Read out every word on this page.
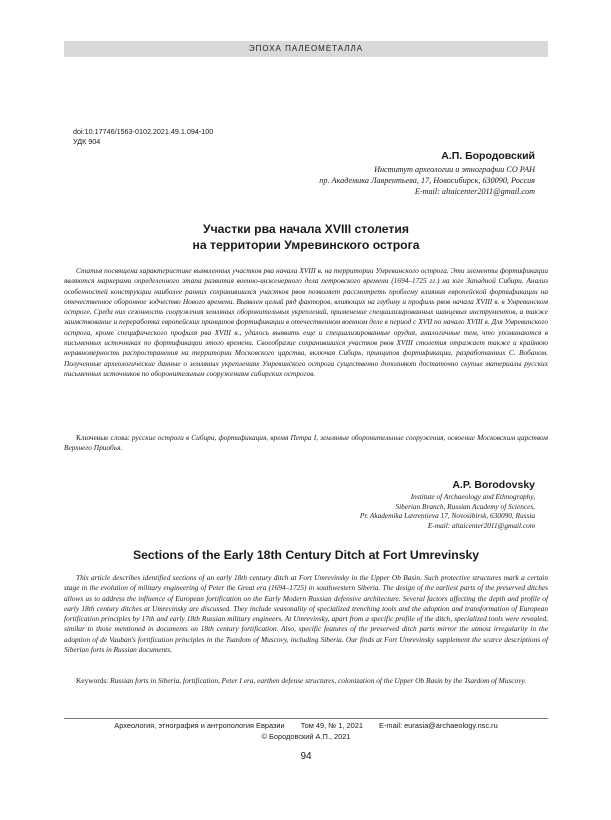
ЭПОХА ПАЛЕОМЕТАЛЛА
doi:10.17746/1563-0102.2021.49.1.094-100
УДК 904
А.П. Бородовский
Институт археологии и этнографии СО РАН
пр. Академика Лаврентьева, 17, Новосибирск, 630090, Россия
E-mail: altaicenter2011@gmail.com
Участки рва начала XVIII столетия
на территории Умревинского острога
Статья посвящена характеристике выявленных участков рва начала XVIII в. на территории Умревинского острога. Эти элементы фортификации являются маркерами определенного этапа развития военно-инженерного дела петровского времени (1694–1725 гг.) на юге Западной Сибири. Анализ особенностей конструкции наиболее ранних сохранившихся участков рвов позволяет рассмотреть проблему влияния европейской фортификации на отечественное оборонное зодчество Нового времени. Выявлен целый ряд факторов, влияющих на глубину и профиль рвов начала XVIII в. в Умревинском остроге. Среди них сезонность сооружения земляных оборонительных укреплений, применение специализированных шанцевых инструментов, а также заимствование и переработка европейских принципов фортификации в отечественном военном деле в период с XVII по начало XVIII в. Для Умревинского острога, кроме специфического профиля рва XVIII в., удалось выявить еще и специализированные орудия, аналогичные тем, что упоминаются в письменных источниках по фортификации этого времени. Своеобразие сохранившихся участков рвов XVIII столетия отражает также и крайнюю неравномерность распространения на территории Московского царства, включая Сибирь, принципов фортификации, разработанных С. Вобаном. Полученные археологические данные о земляных укреплениях Умревинского острога существенно дополняют достаточно скупые материалы русских письменных источников по оборонительным сооружениям сибирских острогов.
Ключевые слова: русские остроги в Сибири, фортификация, время Петра I, земляные оборонительные сооружения, освоение Московским царством Верхнего Приобья.
A.P. Borodovsky
Institute of Archaeology and Ethnography,
Siberian Branch, Russian Academy of Sciences,
Pr. Akademika Lavrentieva 17, Novosibirsk, 630090, Russia
E-mail: altaicenter2011@gmail.com
Sections of the Early 18th Century Ditch at Fort Umrevinsky
This article describes identified sections of an early 18th century ditch at Fort Umrevinsky in the Upper Ob Basin. Such protective structures mark a certain stage in the evolution of military engineering of Peter the Great era (1694–1725) in southwestern Siberia. The design of the earliest parts of the preserved ditches allows us to address the influence of European fortification on the Early Modern Russian defensive architecture. Several factors affecting the depth and profile of early 18th century ditches at Umrevinsky are discussed. They include seasonality of specialized trenching tools and the adoption and transformation of European fortification principles by 17th and early 18th Russian military engineers. At Umrevinsky, apart from a specific profile of the ditch, specialized tools were revealed, similar to those mentioned in documents on 18th century fortification. Also, specific features of the preserved ditch parts mirror the utmost irregularity in the adoption of de Vauban's fortification principles in the Tsardom of Muscovy, including Siberia. Our finds at Fort Umrevinsky supplement the scarce descriptions of Siberian forts in Russian documents.
Keywords: Russian forts in Siberia, fortification, Peter I era, earthen defense structures, colonization of the Upper Ob Basin by the Tsardom of Muscovy.
Археология, этнография и антропология Евразии Том 49, № 1, 2021 E-mail: eurasia@archaeology.nsc.ru
© Бородовский А.П., 2021
94
